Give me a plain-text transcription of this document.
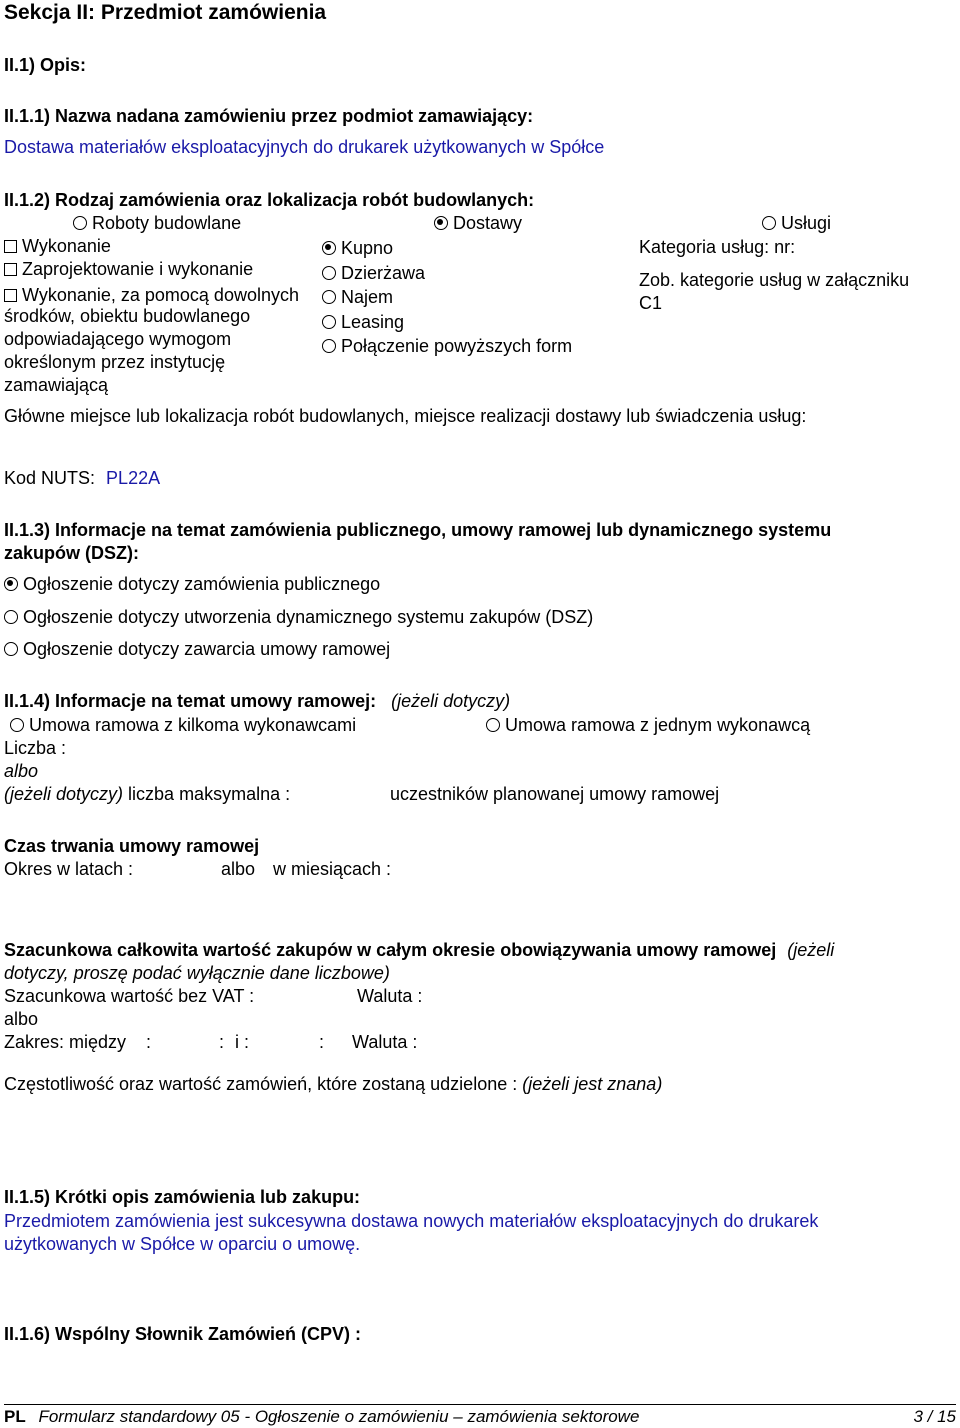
Sekcja II: Przedmiot zamówienia
II.1) Opis:
II.1.1) Nazwa nadana zamówieniu przez podmiot zamawiający:
Dostawa materiałów eksploatacyjnych do drukarek użytkowanych w Spółce
II.1.2) Rodzaj zamówienia oraz lokalizacja robót budowlanych:
Roboty budowlane	Dostawy	Usługi
Wykonanie
Zaprojektowanie i wykonanie
Wykonanie, za pomocą dowolnych
środków, obiektu budowlanego
odpowiadającego wymogom
określonym przez instytucję
zamawiającą
Kupno
Dzierżawa
Najem
Leasing
Połączenie powyższych form
Kategoria usług: nr:
Zob. kategorie usług w załączniku
C1
Główne miejsce lub lokalizacja robót budowlanych, miejsce realizacji dostawy lub świadczenia usług:
Kod NUTS: PL22A
II.1.3) Informacje na temat zamówienia publicznego, umowy ramowej lub dynamicznego systemu
zakupów (DSZ):
Ogłoszenie dotyczy zamówienia publicznego
Ogłoszenie dotyczy utworzenia dynamicznego systemu zakupów (DSZ)
Ogłoszenie dotyczy zawarcia umowy ramowej
II.1.4) Informacje na temat umowy ramowej: (jeżeli dotyczy)
Umowa ramowa z kilkoma wykonawcami	Umowa ramowa z jednym wykonawcą
Liczba :
albo
(jeżeli dotyczy) liczba maksymalna :	uczestników planowanej umowy ramowej
Czas trwania umowy ramowej
Okres w latach :	albo w miesiącach :
Szacunkowa całkowita wartość zakupów w całym okresie obowiązywania umowy ramowej (jeżeli
dotyczy, proszę podać wyłącznie dane liczbowe)
Szacunkowa wartość bez VAT :	Waluta :
albo
Zakres: między :	: i :	: Waluta :
Częstotliwość oraz wartość zamówień, które zostaną udzielone : (jeżeli jest znana)
II.1.5) Krótki opis zamówienia lub zakupu:
Przedmiotem zamówienia jest sukcesywna dostawa nowych materiałów eksploatacyjnych do drukarek
użytkowanych w Spółce w oparciu o umowę.
II.1.6) Wspólny Słownik Zamówień (CPV) :
PL Formularz standardowy 05 - Ogłoszenie o zamówieniu – zamówienia sektorowe	3 / 15
